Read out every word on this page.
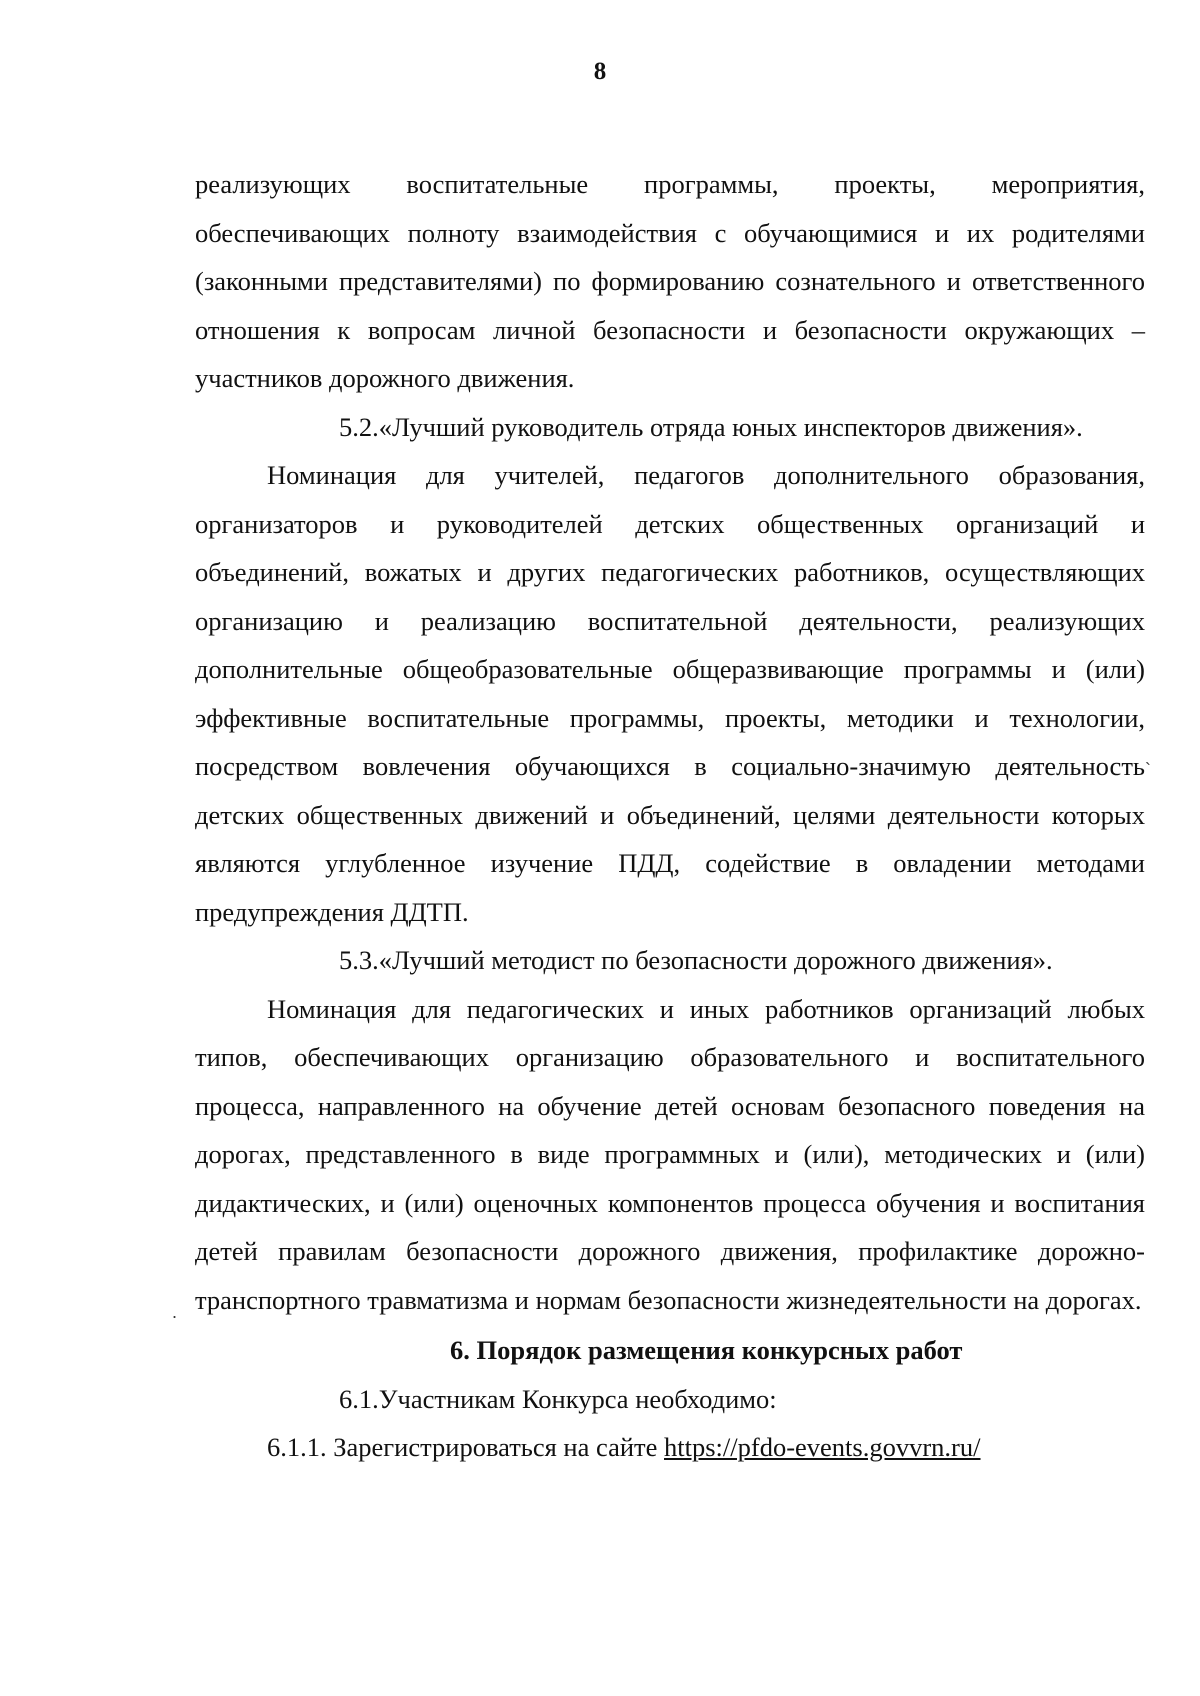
8

реализующих воспитательные программы, проекты, мероприятия, обеспечивающих полноту взаимодействия с обучающимися и их родителями (законными представителями) по формированию сознательного и ответственного отношения к вопросам личной безопасности и безопасности окружающих – участников дорожного движения.

5.2.«Лучший руководитель отряда юных инспекторов движения».

Номинация для учителей, педагогов дополнительного образования, организаторов и руководителей детских общественных организаций и объединений, вожатых и других педагогических работников, осуществляющих организацию и реализацию воспитательной деятельности, реализующих дополнительные общеобразовательные общеразвивающие программы и (или) эффективные воспитательные программы, проекты, методики и технологии, посредством вовлечения обучающихся в социально-значимую деятельность детских общественных движений и объединений, целями деятельности которых являются углубленное изучение ПДД, содействие в овладении методами предупреждения ДДТП.

5.3.«Лучший методист по безопасности дорожного движения».

Номинация для педагогических и иных работников организаций любых типов, обеспечивающих организацию образовательного и воспитательного процесса, направленного на обучение детей основам безопасного поведения на дорогах, представленного в виде программных и (или), методических и (или) дидактических, и (или) оценочных компонентов процесса обучения и воспитания детей правилам безопасности дорожного движения, профилактике дорожно-транспортного травматизма и нормам безопасности жизнедеятельности на дорогах.

6. Порядок размещения конкурсных работ

6.1.Участникам Конкурса необходимо:

6.1.1. Зарегистрироваться на сайте https://pfdo-events.govvrn.ru/

`
.
